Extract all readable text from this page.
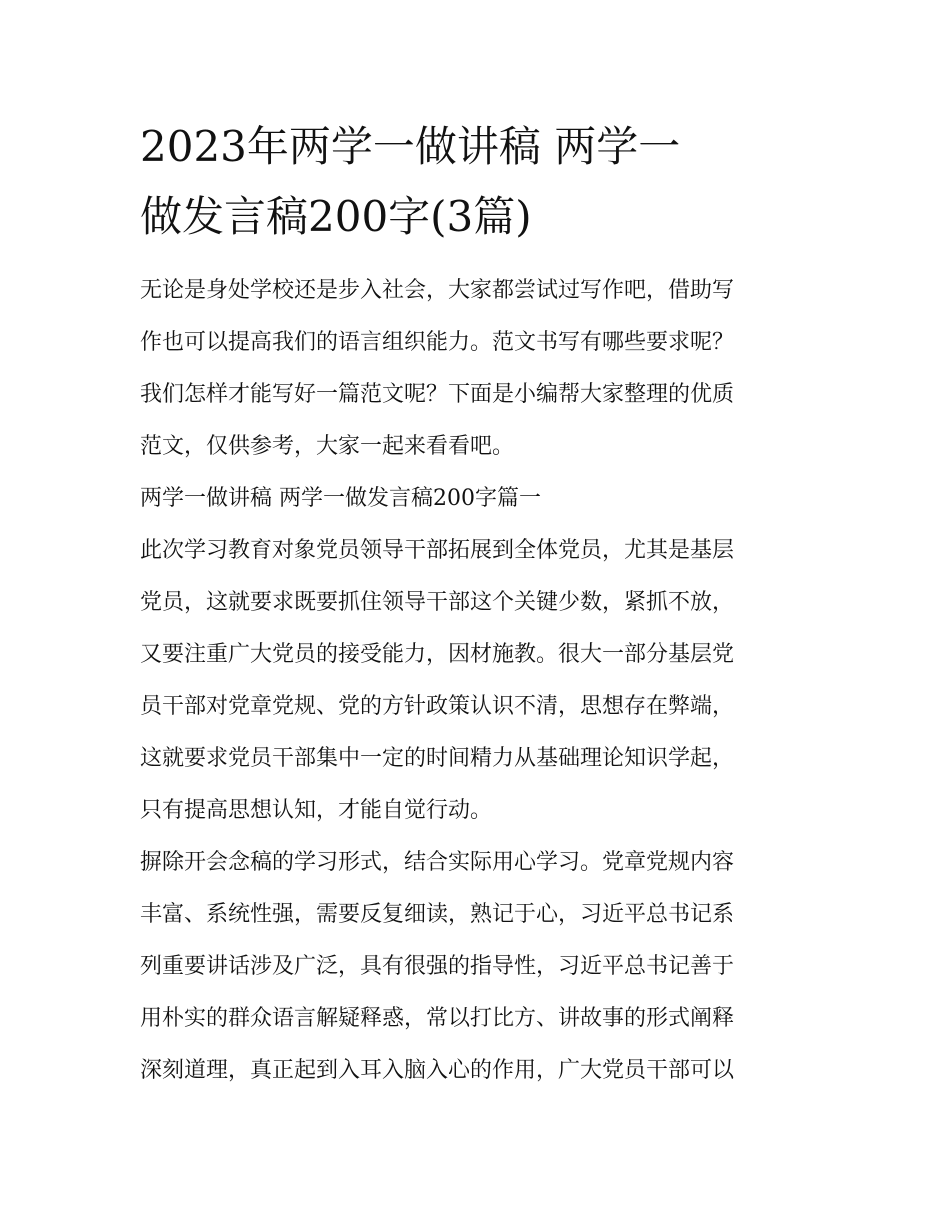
2023年两学一做讲稿 两学一
做发言稿200字(3篇)

无论是身处学校还是步入社会，大家都尝试过写作吧，借助写
作也可以提高我们的语言组织能力。范文书写有哪些要求呢？
我们怎样才能写好一篇范文呢？下面是小编帮大家整理的优质
范文，仅供参考，大家一起来看看吧。

两学一做讲稿 两学一做发言稿200字篇一

此次学习教育对象党员领导干部拓展到全体党员，尤其是基层
党员，这就要求既要抓住领导干部这个关键少数，紧抓不放，
又要注重广大党员的接受能力，因材施教。很大一部分基层党
员干部对党章党规、党的方针政策认识不清，思想存在弊端，
这就要求党员干部集中一定的时间精力从基础理论知识学起，
只有提高思想认知，才能自觉行动。

摒除开会念稿的学习形式，结合实际用心学习。党章党规内容
丰富、系统性强，需要反复细读，熟记于心，习近平总书记系
列重要讲话涉及广泛，具有很强的指导性，习近平总书记善于
用朴实的群众语言解疑释惑，常以打比方、讲故事的形式阐释
深刻道理，真正起到入耳入脑入心的作用，广大党员干部可以
